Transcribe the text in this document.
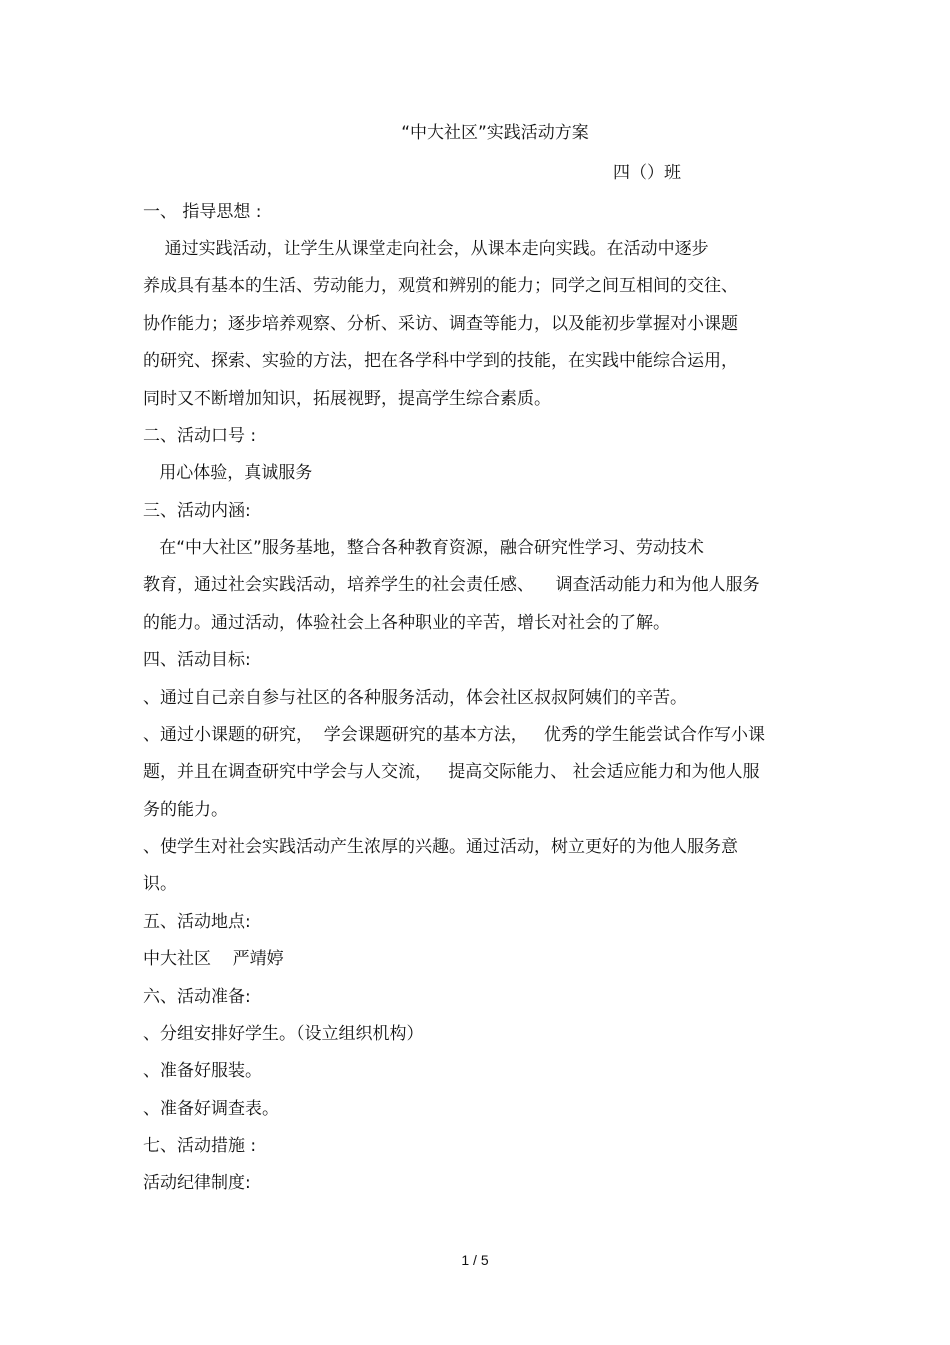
“中大社区”实践活动方案
四（）班
一、 指导思想 :
通过实践活动，让学生从课堂走向社会，从课本走向实践。在活动中逐步
养成具有基本的生活、劳动能力，观赏和辨别的能力；同学之间互相间的交往、
协作能力；逐步培养观察、分析、采访、调查等能力，以及能初步掌握对小课题
的研究、探索、实验的方法，把在各学科中学到的技能，在实践中能综合运用，
同时又不断增加知识，拓展视野，提高学生综合素质。
二、活动口号 :
用心体验，真诚服务
三、活动内涵:
在“中大社区”服务基地，整合各种教育资源，融合研究性学习、劳动技术
教育，通过社会实践活动，培养学生的社会责任感、    调查活动能力和为他人服务
的能力。通过活动，体验社会上各种职业的辛苦，增长对社会的了解。
四、活动目标:
、通过自己亲自参与社区的各种服务活动，体会社区叔叔阿姨们的辛苦。
、通过小课题的研究，  学会课题研究的基本方法，   优秀的学生能尝试合作写小课
题，并且在调查研究中学会与人交流，   提高交际能力、 社会适应能力和为他人服
务的能力。
、使学生对社会实践活动产生浓厚的兴趣。通过活动，树立更好的为他人服务意
识。
五、活动地点:
中大社区    严靖婷
六、活动准备:
、分组安排好学生。（设立组织机构）
、准备好服装。
、准备好调查表。
七、活动措施 :
活动纪律制度:
1 / 5
